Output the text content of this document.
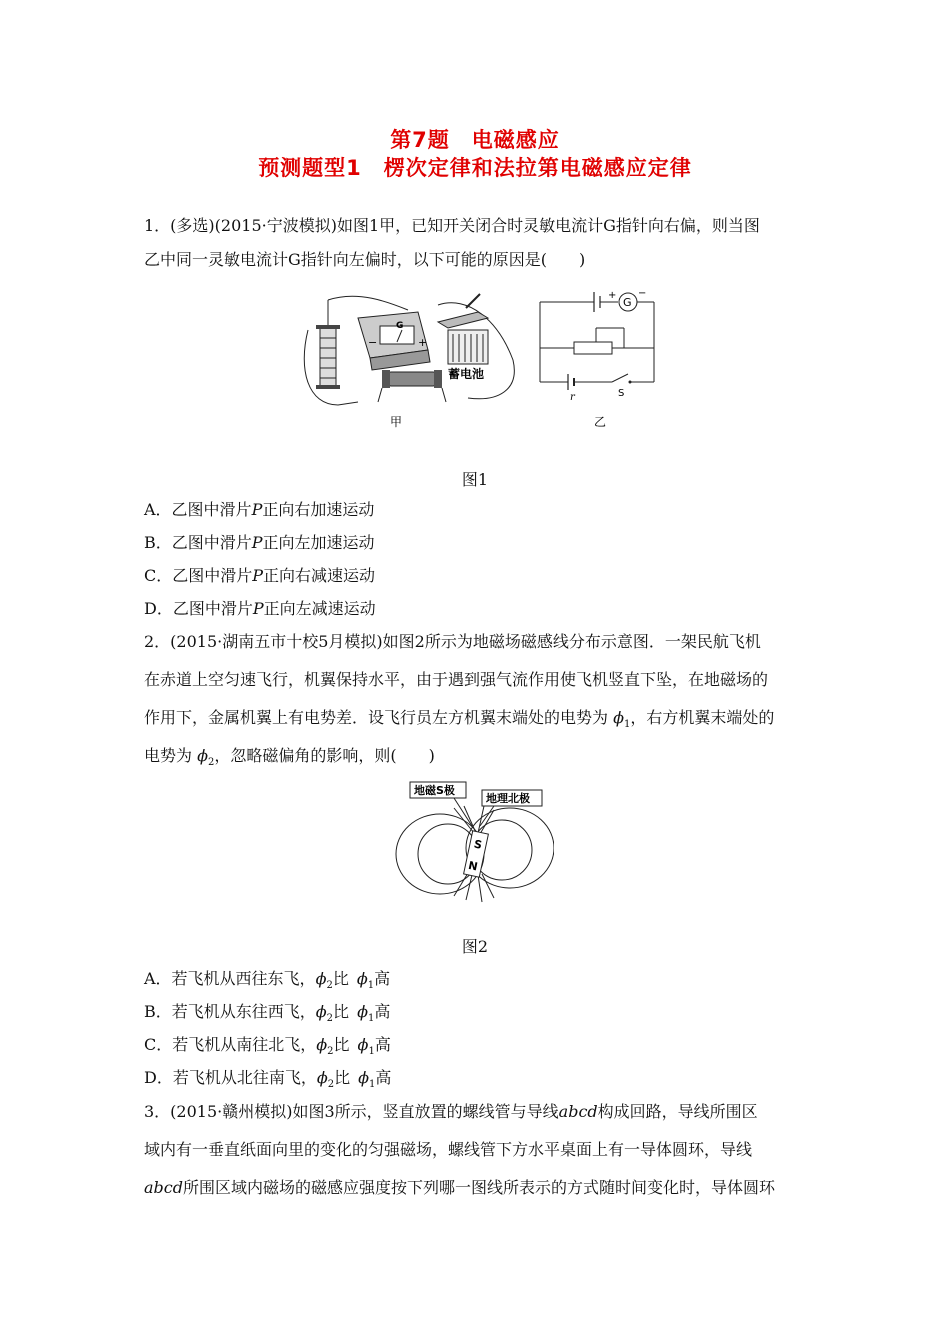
第7题　电磁感应
预测题型1　楞次定律和法拉第电磁感应定律
1．(多选)(2015·宁波模拟)如图1甲，已知开关闭合时灵敏电流计G指针向右偏，则当图
乙中同一灵敏电流计G指针向左偏时，以下可能的原因是(　　)
G
−	+
蓄电池
甲
+
G
−
r	S
乙
图1
A．乙图中滑片P正向右加速运动
B．乙图中滑片P正向左加速运动
C．乙图中滑片P正向右减速运动
D．乙图中滑片P正向左减速运动
2．(2015·湖南五市十校5月模拟)如图2所示为地磁场磁感线分布示意图．一架民航飞机
在赤道上空匀速飞行，机翼保持水平，由于遇到强气流作用使飞机竖直下坠，在地磁场的
作用下，金属机翼上有电势差．设飞行员左方机翼末端处的电势为 $\phi_1$，右方机翼末端处的
电势为 $\phi_2$，忽略磁偏角的影响，则(　　)
地磁S极
地理北极
S
N
图2
A．若飞机从西往东飞，$\phi_2$比  $\phi_1$高
B．若飞机从东往西飞，$\phi_2$比  $\phi_1$高
C．若飞机从南往北飞，$\phi_2$比  $\phi_1$高
D．若飞机从北往南飞，$\phi_2$比  $\phi_1$高
3．(2015·赣州模拟)如图3所示，竖直放置的螺线管与导线abcd构成回路，导线所围区
域内有一垂直纸面向里的变化的匀强磁场，螺线管下方水平桌面上有一导体圆环，导线
abcd所围区域内磁场的磁感应强度按下列哪一图线所表示的方式随时间变化时，导体圆环
